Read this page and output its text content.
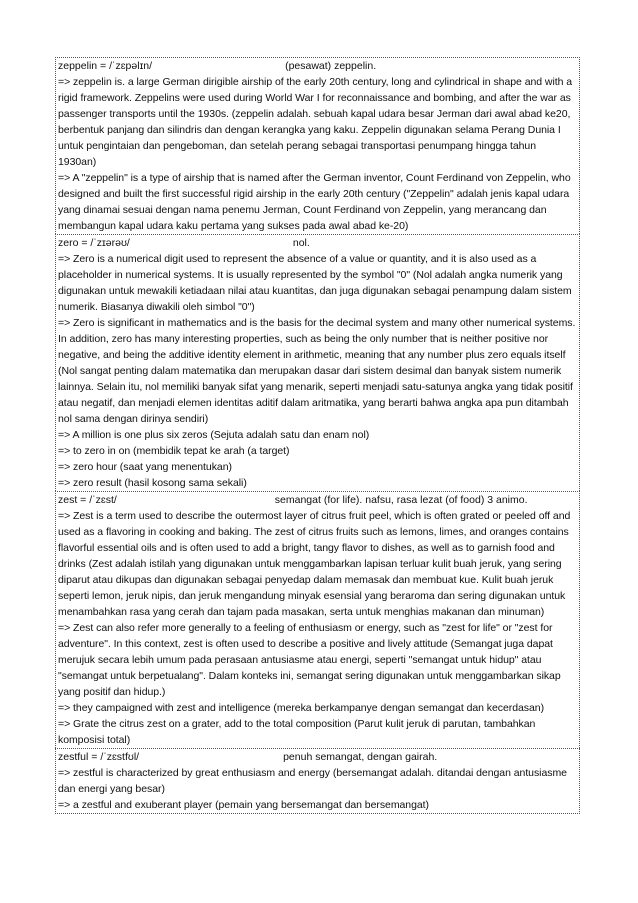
zeppelin = /ˈzɛpəlɪn/	(pesawat) zeppelin.
=> zeppelin is. a large German dirigible airship of the early 20th century, long and cylindrical in shape and with a rigid framework. Zeppelins were used during World War I for reconnaissance and bombing, and after the war as passenger transports until the 1930s. (zeppelin adalah. sebuah kapal udara besar Jerman dari awal abad ke20, berbentuk panjang dan silindris dan dengan kerangka yang kaku. Zeppelin digunakan selama Perang Dunia I untuk pengintaian dan pengeboman, dan setelah perang sebagai transportasi penumpang hingga tahun 1930an)
=> A "zeppelin" is a type of airship that is named after the German inventor, Count Ferdinand von Zeppelin, who designed and built the first successful rigid airship in the early 20th century ("Zeppelin" adalah jenis kapal udara yang dinamai sesuai dengan nama penemu Jerman, Count Ferdinand von Zeppelin, yang merancang dan membangun kapal udara kaku pertama yang sukses pada awal abad ke-20)
zero = /ˈzɪərəʊ/	nol.
=> Zero is a numerical digit used to represent the absence of a value or quantity, and it is also used as a placeholder in numerical systems. It is usually represented by the symbol "0" (Nol adalah angka numerik yang digunakan untuk mewakili ketiadaan nilai atau kuantitas, dan juga digunakan sebagai penampung dalam sistem numerik. Biasanya diwakili oleh simbol "0")
=> Zero is significant in mathematics and is the basis for the decimal system and many other numerical systems. In addition, zero has many interesting properties, such as being the only number that is neither positive nor negative, and being the additive identity element in arithmetic, meaning that any number plus zero equals itself (Nol sangat penting dalam matematika dan merupakan dasar dari sistem desimal dan banyak sistem numerik lainnya. Selain itu, nol memiliki banyak sifat yang menarik, seperti menjadi satu-satunya angka yang tidak positif atau negatif, dan menjadi elemen identitas aditif dalam aritmatika, yang berarti bahwa angka apa pun ditambah nol sama dengan dirinya sendiri)
=> A million is one plus six zeros (Sejuta adalah satu dan enam nol)
=> to zero in on (membidik tepat ke arah (a target)
=> zero hour (saat yang menentukan)
=> zero result (hasil kosong sama sekali)
zest = /ˈzɛst/	semangat (for life). nafsu, rasa lezat (of food) 3 animo.
=> Zest is a term used to describe the outermost layer of citrus fruit peel, which is often grated or peeled off and used as a flavoring in cooking and baking. The zest of citrus fruits such as lemons, limes, and oranges contains flavorful essential oils and is often used to add a bright, tangy flavor to dishes, as well as to garnish food and drinks (Zest adalah istilah yang digunakan untuk menggambarkan lapisan terluar kulit buah jeruk, yang sering diparut atau dikupas dan digunakan sebagai penyedap dalam memasak dan membuat kue. Kulit buah jeruk seperti lemon, jeruk nipis, dan jeruk mengandung minyak esensial yang beraroma dan sering digunakan untuk menambahkan rasa yang cerah dan tajam pada masakan, serta untuk menghias makanan dan minuman)
=> Zest can also refer more generally to a feeling of enthusiasm or energy, such as "zest for life" or "zest for adventure". In this context, zest is often used to describe a positive and lively attitude (Semangat juga dapat merujuk secara lebih umum pada perasaan antusiasme atau energi, seperti "semangat untuk hidup" atau "semangat untuk berpetualang". Dalam konteks ini, semangat sering digunakan untuk menggambarkan sikap yang positif dan hidup.)
=> they campaigned with zest and intelligence (mereka berkampanye dengan semangat dan kecerdasan)
=> Grate the citrus zest on a grater, add to the total composition (Parut kulit jeruk di parutan, tambahkan komposisi total)
zestful = /ˈzɛstfʊl/	penuh semangat, dengan gairah.
=> zestful is characterized by great enthusiasm and energy (bersemangat adalah. ditandai dengan antusiasme dan energi yang besar)
=> a zestful and exuberant player (pemain yang bersemangat dan bersemangat)
